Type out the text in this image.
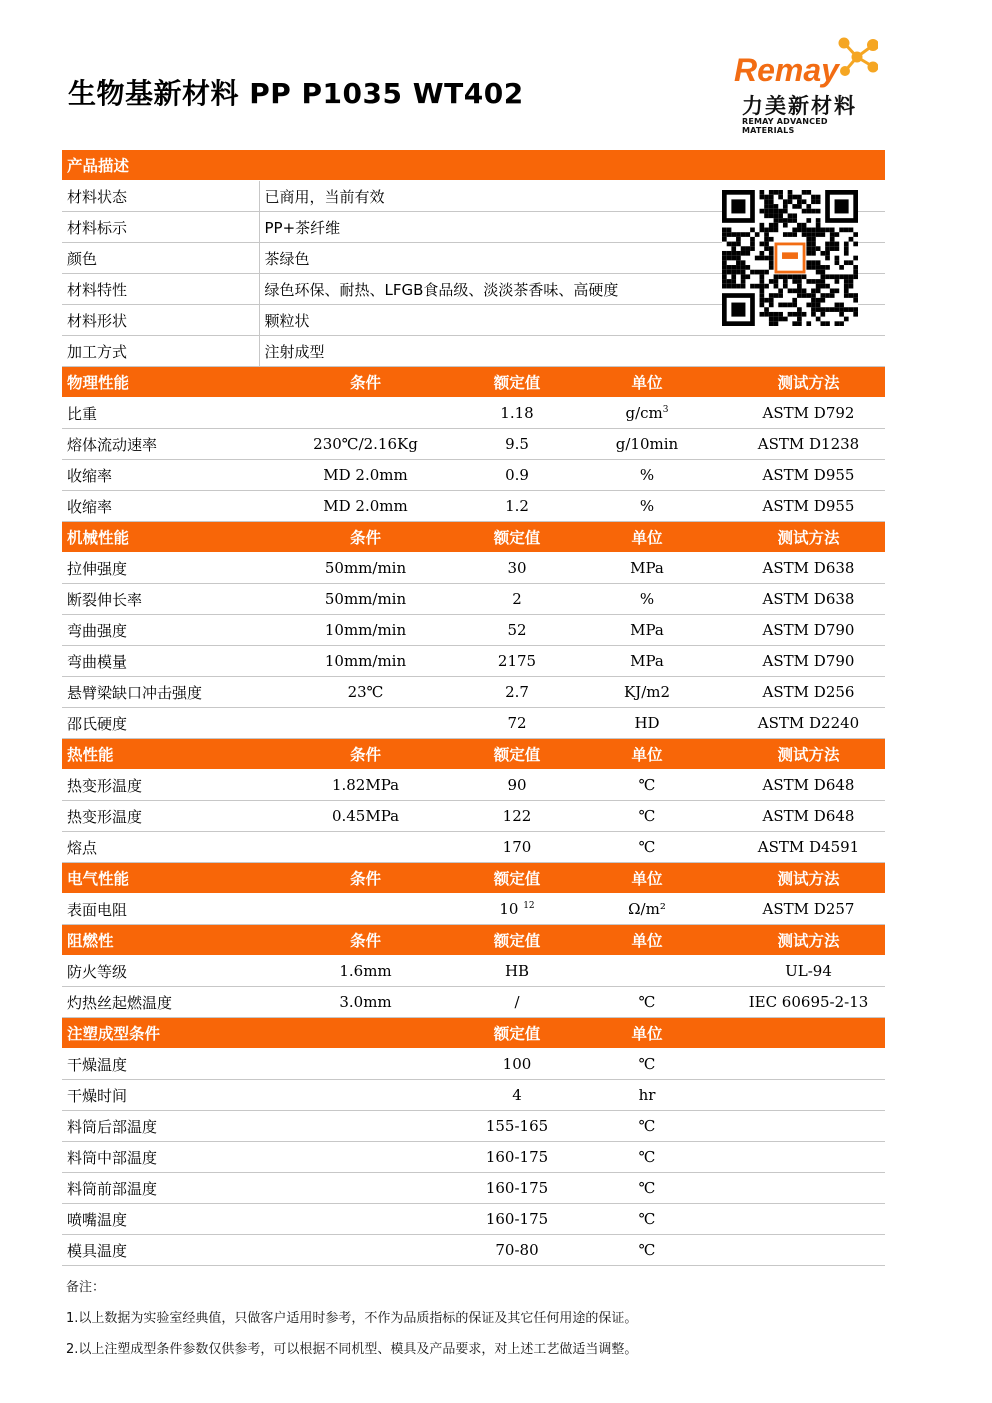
生物基新材料 PP P1035 WT402
Remay
力美新材料
REMAY ADVANCED MATERIALS
产品描述	
材料状态	已商用，当前有效
材料标示	PP+茶纤维
颜色	茶绿色
材料特性	绿色环保、耐热、LFGB食品级、淡淡茶香味、高硬度
材料形状	颗粒状
加工方式	注射成型
物理性能	条件	额定值	单位	测试方法
比重		1.18	$g/cm^3$	ASTM D792
熔体流动速率	230℃/2.16Kg	9.5	g/10min	ASTM D1238
收缩率	MD 2.0mm	0.9	%	ASTM D955
收缩率	MD 2.0mm	1.2	%	ASTM D955
机械性能	条件	额定值	单位	测试方法
拉伸强度	50mm/min	30	MPa	ASTM D638
断裂伸长率	50mm/min	2	%	ASTM D638
弯曲强度	10mm/min	52	MPa	ASTM D790
弯曲模量	10mm/min	2175	MPa	ASTM D790
悬臂梁缺口冲击强度	23℃	2.7	KJ/m2	ASTM D256
邵氏硬度		72	HD	ASTM D2240
热性能	条件	额定值	单位	测试方法
热变形温度	1.82MPa	90	℃	ASTM D648
热变形温度	0.45MPa	122	℃	ASTM D648
熔点		170	℃	ASTM D4591
电气性能	条件	额定值	单位	测试方法
表面电阻		10 $^{12}$	Ω/m²	ASTM D257
阻燃性	条件	额定值	单位	测试方法
防火等级	1.6mm	HB		UL-94
灼热丝起燃温度	3.0mm	/	℃	IEC 60695-2-13
注塑成型条件		额定值	单位	
干燥温度		100	℃	
干燥时间		4	hr	
料筒后部温度		155-165	℃	
料筒中部温度		160-175	℃	
料筒前部温度		160-175	℃	
喷嘴温度		160-175	℃	
模具温度		70-80	℃	
备注：
1.以上数据为实验室经典值，只做客户适用时参考，不作为品质指标的保证及其它任何用途的保证。
2.以上注塑成型条件参数仅供参考，可以根据不同机型、模具及产品要求，对上述工艺做适当调整。
